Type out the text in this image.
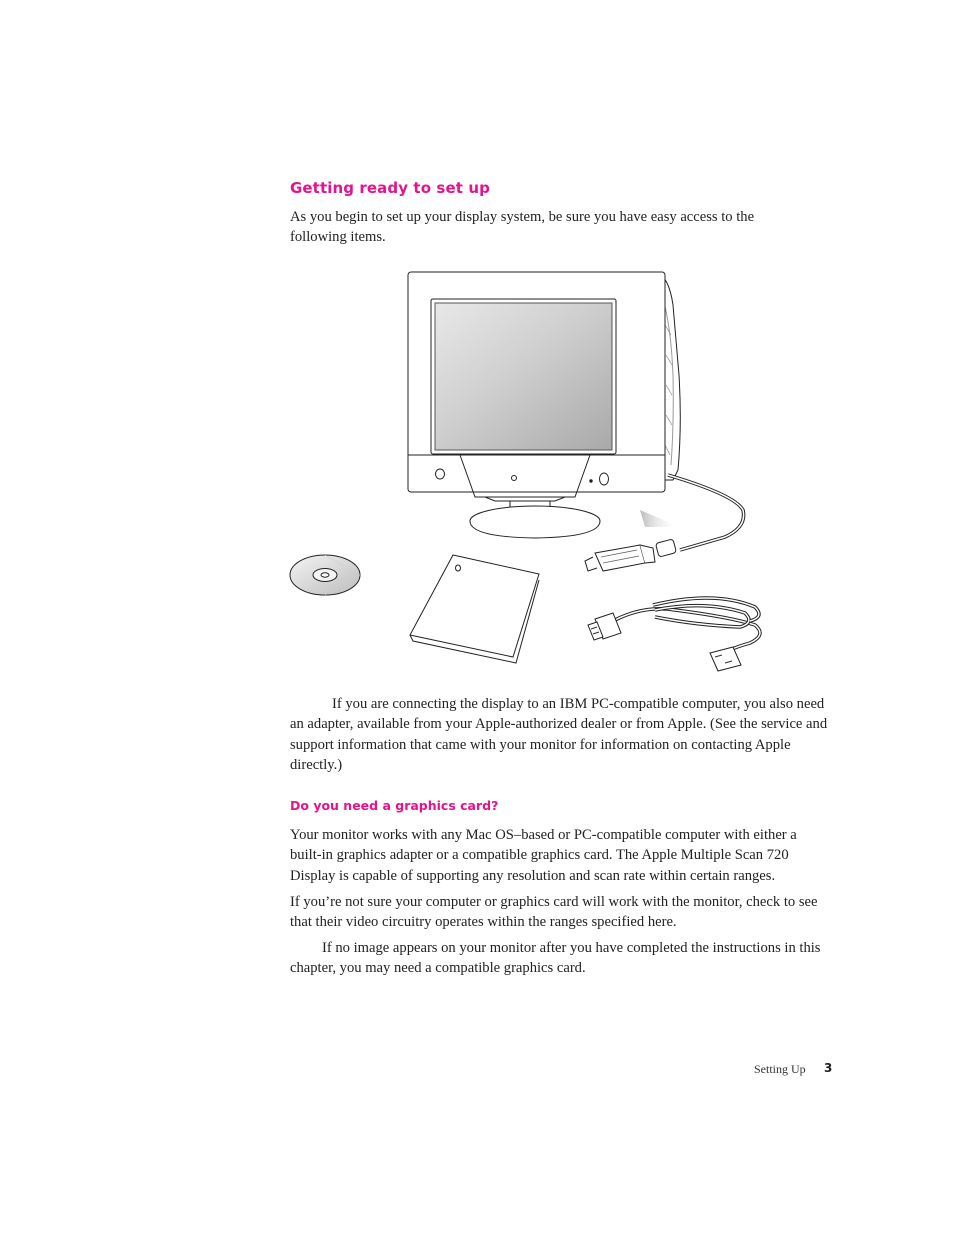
Getting ready to set up

As you begin to set up your display system, be sure you have easy access to the following items.

If you are connecting the display to an IBM PC-compatible computer, you also need an adapter, available from your Apple-authorized dealer or from Apple. (See the service and support information that came with your monitor for information on contacting Apple directly.)

Do you need a graphics card?

Your monitor works with any Mac OS–based or PC-compatible computer with either a built-in graphics adapter or a compatible graphics card. The Apple Multiple Scan 720 Display is capable of supporting any resolution and scan rate within certain ranges.

If you’re not sure your computer or graphics card will work with the monitor, check to see that their video circuitry operates within the ranges specified here.

If no image appears on your monitor after you have completed the instructions in this chapter, you may need a compatible graphics card.

Setting Up 3
